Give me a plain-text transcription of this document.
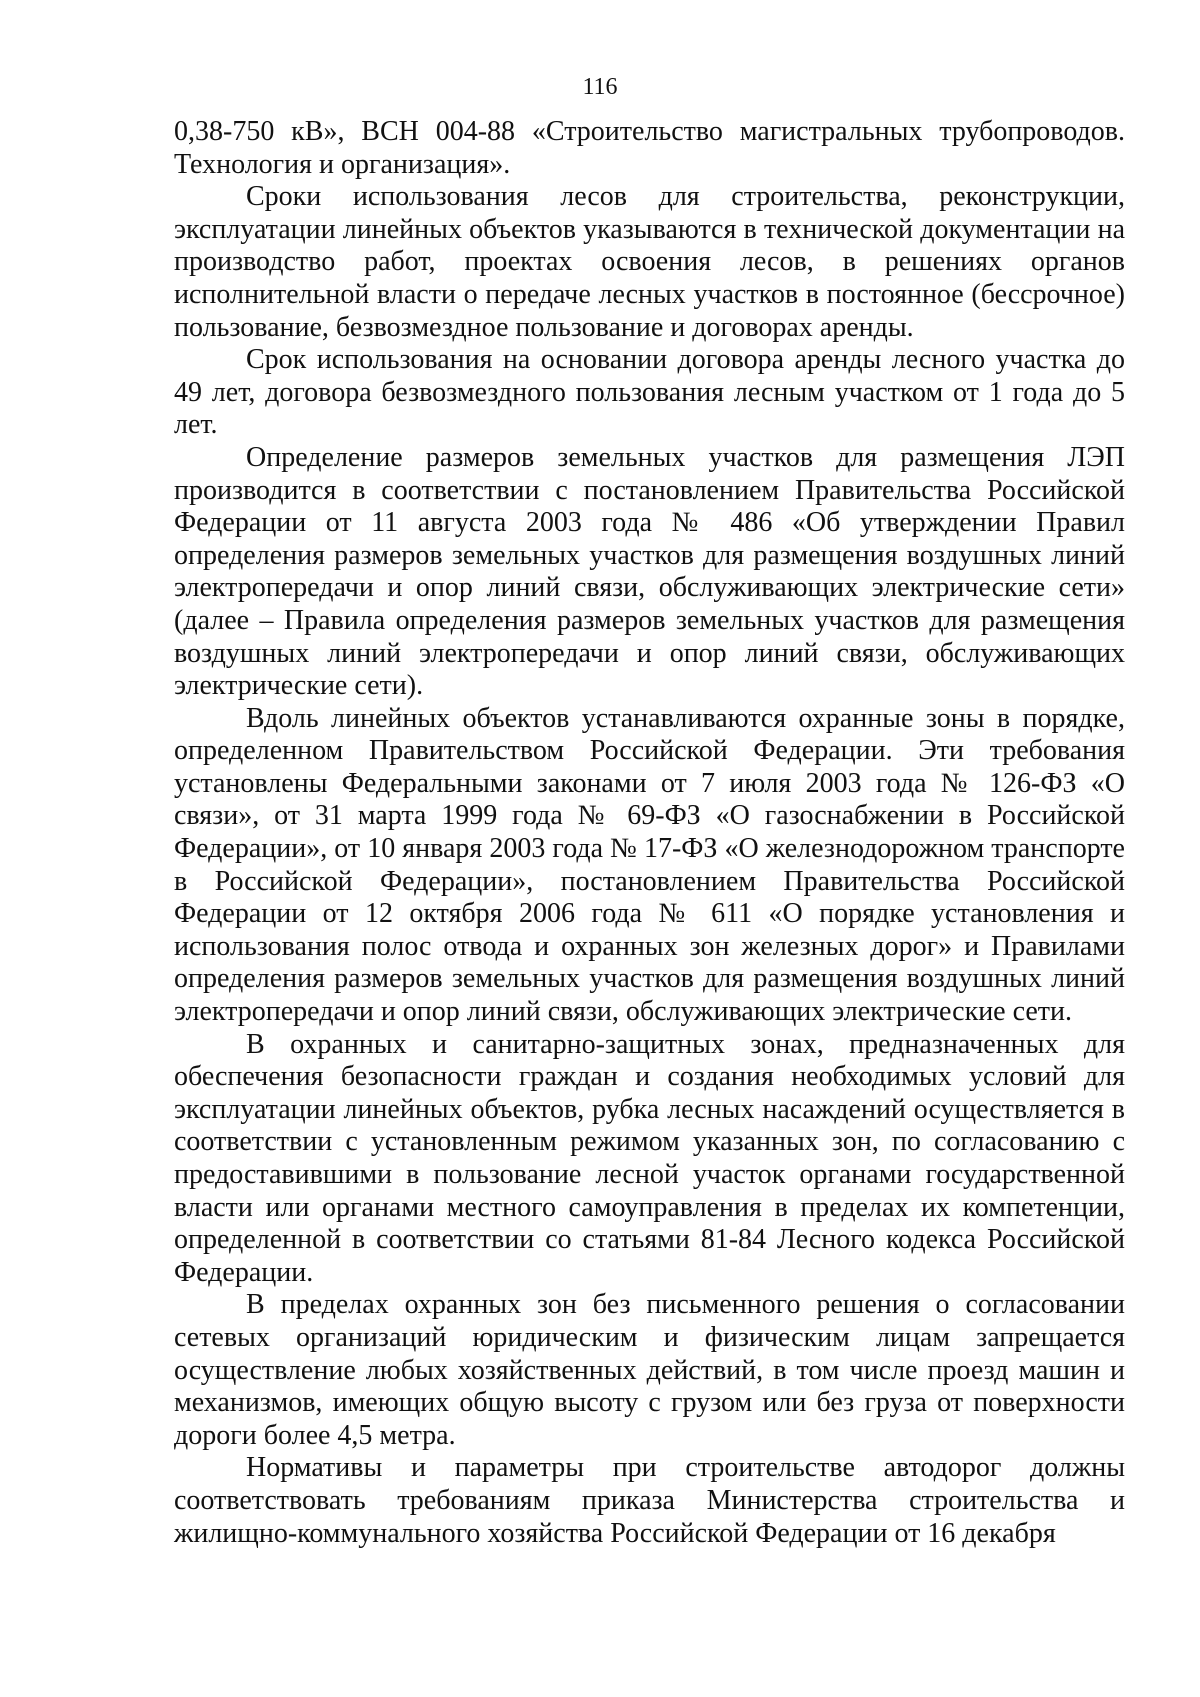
116

0,38-750 кВ», ВСН 004-88 «Строительство магистральных трубопроводов. Технология и организация».

Сроки использования лесов для строительства, реконструкции, эксплуатации линейных объектов указываются в технической документации на производство работ, проектах освоения лесов, в решениях органов исполнительной власти о передаче лесных участков в постоянное (бессрочное) пользование, безвозмездное пользование и договорах аренды.

Срок использования на основании договора аренды лесного участка до 49 лет, договора безвозмездного пользования лесным участком от 1 года до 5 лет.

Определение размеров земельных участков для размещения ЛЭП производится в соответствии с постановлением Правительства Российской Федерации от 11 августа 2003 года № 486 «Об утверждении Правил определения размеров земельных участков для размещения воздушных линий электропередачи и опор линий связи, обслуживающих электрические сети» (далее – Правила определения размеров земельных участков для размещения воздушных линий электропередачи и опор линий связи, обслуживающих электрические сети).

Вдоль линейных объектов устанавливаются охранные зоны в порядке, определенном Правительством Российской Федерации. Эти требования установлены Федеральными законами от 7 июля 2003 года № 126-ФЗ «О связи», от 31 марта 1999 года № 69-ФЗ «О газоснабжении в Российской Федерации», от 10 января 2003 года № 17-ФЗ «О железнодорожном транспорте в Российской Федерации», постановлением Правительства Российской Федерации от 12 октября 2006 года № 611 «О порядке установления и использования полос отвода и охранных зон железных дорог» и Правилами определения размеров земельных участков для размещения воздушных линий электропередачи и опор линий связи, обслуживающих электрические сети.

В охранных и санитарно-защитных зонах, предназначенных для обеспечения безопасности граждан и создания необходимых условий для эксплуатации линейных объектов, рубка лесных насаждений осуществляется в соответствии с установленным режимом указанных зон, по согласованию с предоставившими в пользование лесной участок органами государственной власти или органами местного самоуправления в пределах их компетенции, определенной в соответствии со статьями 81-84 Лесного кодекса Российской Федерации.

В пределах охранных зон без письменного решения о согласовании сетевых организаций юридическим и физическим лицам запрещается осуществление любых хозяйственных действий, в том числе проезд машин и механизмов, имеющих общую высоту с грузом или без груза от поверхности дороги более 4,5 метра.

Нормативы и параметры при строительстве автодорог должны соответствовать требованиям приказа Министерства строительства и жилищно-коммунального хозяйства Российской Федерации от 16 декабря
